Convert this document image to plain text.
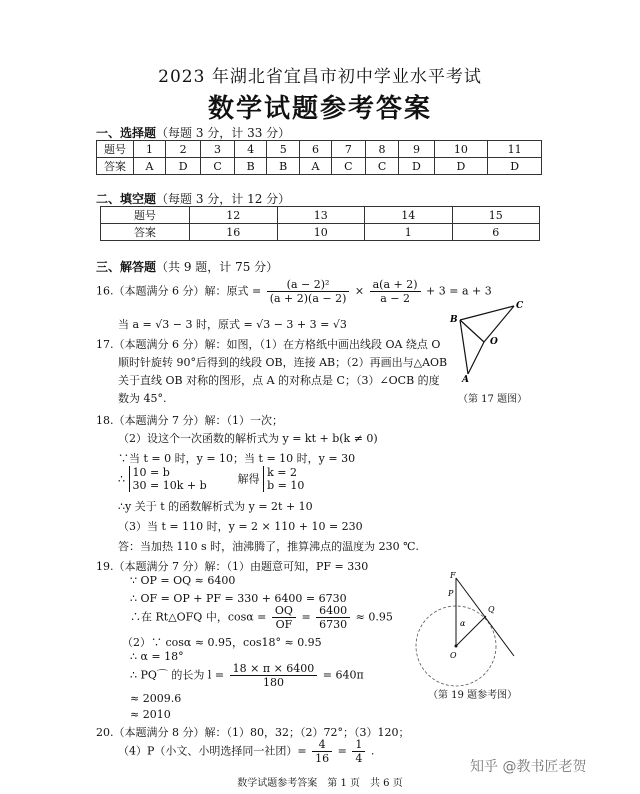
2023 年湖北省宜昌市初中学业水平考试
数学试题参考答案
一、选择题（每题 3 分，计 33 分）
题号	1	2	3	4	5	6	7	8	9	10	11
答案	A	D	C	B	B	A	C	C	D	D	D
二、填空题（每题 3 分，计 12 分）
题号	12	13	14	15
答案	16	10	1	6
三、解答题（共 9 题，计 75 分）
16.（本题满分 6 分）解：原式 = $\frac{\text{(a − 2)²}}{(a + 2)(a - 2)} \times \frac{a(a + 2)}{a - 2} + 3 = a + 3$
当 a = √3 − 3 时，原式 = √3 − 3 + 3 = √3
17.（本题满分 6 分）解：如图，（1）在方格纸中画出线段 OA 绕点 O
顺时针旋转 90°后得到的线段 OB，连接 AB；（2）再画出与△AOB
关于直线 OB 对称的图形，点 A 的对称点是 C；（3）∠OCB 的度
数为 45°.
B
C
O
A
（第 17 题图）
18.（本题满分 7 分）解：（1）一次；
（2）设这个一次函数的解析式为 y = kt + b(k ≠ 0)
∵当 t = 0 时，y = 10；当 t = 10 时，y = 30
∴ 10 = b
30 = 10k + b	解得 k = 2
b = 10
∴y 关于 t 的函数解析式为 y = 2t + 10
（3）当 t = 110 时，y = 2 × 110 + 10 = 230
答：当加热 110 s 时，油沸腾了，推算沸点的温度为 230 ℃.
19.（本题满分 7 分）解：（1）由题意可知，PF = 330
∵ OP = OQ ≈ 6400
∴ OF = OP + PF = 330 + 6400 = 6730
∴在 Rt△OFQ 中，$\cos\alpha = \frac{OQ}{OF} = \frac{6400}{6730} \approx 0.95$
（2）∵ cosα ≈ 0.95，cos18° ≈ 0.95
∴ α = 18°
∴ PQ⌒ 的长为 $l = \frac{18 \times \pi \times 6400}{180} = 640\pi$
≈ 2009.6
≈ 2010
F
P
Q
α
O
（第 19 题参考图）
20.（本题满分 8 分）解：（1）80，32；（2）72°；（3）120；
（4）P（小文、小明选择同一社团）= $\frac{4}{16} = \frac{1}{4}$ .
知乎 @教书匠老贺
数学试题参考答案　第 1 页　共 6 页
